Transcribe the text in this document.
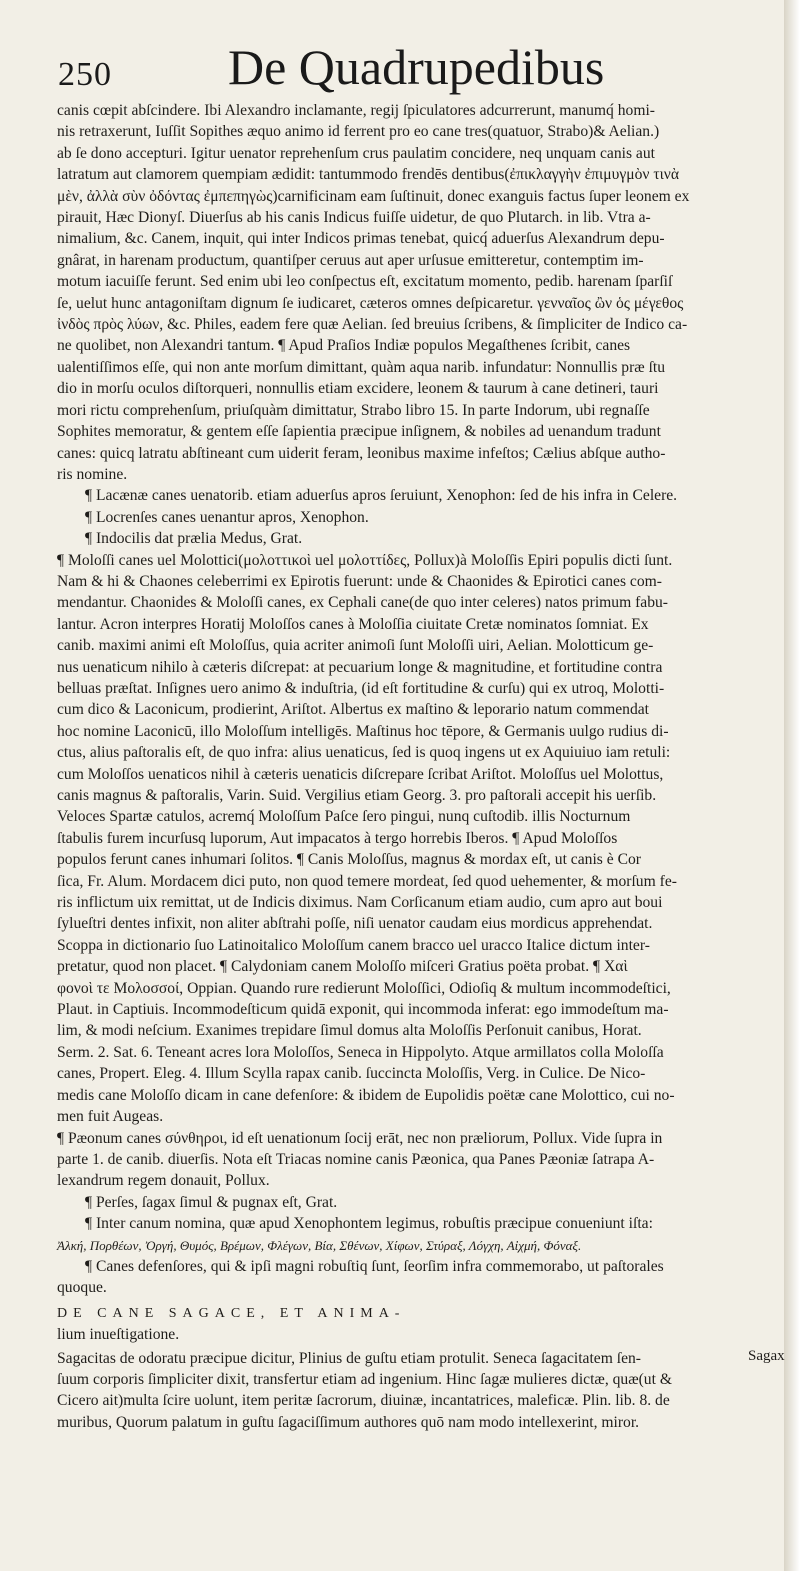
250 De Quadrupedibus

canis cœpit abſcindere. Ibi Alexandro inclamante, regij ſpiculatores adcurrerunt, manumq́ homi-

nis retraxerunt, Iuſſit Sopithes æquo animo id ferrent pro eo cane tres(quatuor, Strabo)& Aelian.)

ab ſe dono accepturi. Igitur uenator reprehenſum crus paulatim concidere, neq unquam canis aut

latratum aut clamorem quempiam ædidit: tantummodo frendēs dentibus(ἐπικλαγγὴν ἐπιμυγμὸν τινὰ

μὲν, ἀλλὰ σὺν ὀδόντας ἐμπεπηγὼς)carnificinam eam ſuſtinuit, donec exanguis factus ſuper leonem ex

pirauit, Hæc Dionyſ. Diuerſus ab his canis Indicus fuiſſe uidetur, de quo Plutarch. in lib. Vtra a-

nimalium, &c. Canem, inquit, qui inter Indicos primas tenebat, quicq́ aduerſus Alexandrum depu-

gnârat, in harenam productum, quantiſper ceruus aut aper urſusue emitteretur, contemptim im-

motum iacuiſſe ferunt. Sed enim ubi leo conſpectus eſt, excitatum momento, pedib. harenam ſparſiſ

ſe, uelut hunc antagoniſtam dignum ſe iudicaret, cæteros omnes deſpicaretur. γενναῖος ὢν ὁς μέγεθος

ἰνδὸς πρὸς λύων, &c. Philes, eadem fere quæ Aelian. ſed breuius ſcribens, & ſimpliciter de Indico ca-

ne quolibet, non Alexandri tantum. ¶ Apud Praſios Indiæ populos Megaſthenes ſcribit, canes

ualentiſſimos eſſe, qui non ante morſum dimittant, quàm aqua narib. infundatur: Nonnullis præ ſtu

dio in morſu oculos diſtorqueri, nonnullis etiam excidere, leonem & taurum à cane detineri, tauri

mori rictu comprehenſum, priuſquàm dimittatur, Strabo libro 15. In parte Indorum, ubi regnaſſe

Sophites memoratur, & gentem eſſe ſapientia præcipue inſignem, & nobiles ad uenandum tradunt

canes: quicq latratu abſtineant cum uiderit feram, leonibus maxime infeſtos; Cælius abſque autho-

ris nomine.

¶ Lacænæ canes uenatorib. etiam aduerſus apros ſeruiunt, Xenophon: ſed de his infra in Celere.

¶ Locrenſes canes uenantur apros, Xenophon.

¶ Indocilis dat prælia Medus, Grat.

¶ Moloſſi canes uel Molottici(μολοττικοὶ uel μολοττίδες, Pollux)à Moloſſis Epiri populis dicti ſunt.

Nam & hi & Chaones celeberrimi ex Epirotis fuerunt: unde & Chaonides & Epirotici canes com-

mendantur. Chaonides & Moloſſi canes, ex Cephali cane(de quo inter celeres) natos primum fabu-

lantur. Acron interpres Horatij Moloſſos canes à Moloſſia ciuitate Cretæ nominatos ſomniat. Ex

canib. maximi animi eſt Moloſſus, quia acriter animoſi ſunt Moloſſi uiri, Aelian. Molotticum ge-

nus uenaticum nihilo à cæteris diſcrepat: at pecuarium longe & magnitudine, et fortitudine contra

belluas præſtat. Inſignes uero animo & induſtria, (id eſt fortitudine & curſu) qui ex utroq, Molotti-

cum dico & Laconicum, prodierint, Ariſtot. Albertus ex maſtino & leporario natum commendat

hoc nomine Laconicū, illo Moloſſum intelligēs. Maſtinus hoc tēpore, & Germanis uulgo rudius di-

ctus, alius paſtoralis eſt, de quo infra: alius uenaticus, ſed is quoq ingens ut ex Aquiuiuo iam retuli:

cum Moloſſos uenaticos nihil à cæteris uenaticis diſcrepare ſcribat Ariſtot. Moloſſus uel Molottus,

canis magnus & paſtoralis, Varin. Suid. Vergilius etiam Georg. 3. pro paſtorali accepit his uerſib.

Veloces Spartæ catulos, acremq́ Moloſſum Paſce ſero pingui, nunq cuſtodib. illis Nocturnum

ſtabulis furem incurſusq luporum, Aut impacatos à tergo horrebis Iberos. ¶ Apud Moloſſos

populos ferunt canes inhumari ſolitos. ¶ Canis Moloſſus, magnus & mordax eſt, ut canis è Cor

ſica, Fr. Alum. Mordacem dici puto, non quod temere mordeat, ſed quod uehementer, & morſum fe-

ris inflictum uix remittat, ut de Indicis diximus. Nam Corſicanum etiam audio, cum apro aut boui

ſylueſtri dentes infixit, non aliter abſtrahi poſſe, niſi uenator caudam eius mordicus apprehendat.

Scoppa in dictionario ſuo Latinoitalico Moloſſum canem bracco uel uracco Italice dictum inter-

pretatur, quod non placet. ¶ Calydoniam canem Moloſſo miſceri Gratius poëta probat. ¶ Χαὶ

φονοὶ τε Μολοσσοί, Oppian. Quando rure redierunt Moloſſici, Odioſiq & multum incommodeſtici,

Plaut. in Captiuis. Incommodeſticum quidā exponit, qui incommoda inferat: ego immodeſtum ma-

lim, & modi neſcium. Exanimes trepidare ſimul domus alta Moloſſis Perſonuit canibus, Horat.

Serm. 2. Sat. 6. Teneant acres lora Moloſſos, Seneca in Hippolyto. Atque armillatos colla Moloſſa

canes, Propert. Eleg. 4. Illum Scylla rapax canib. ſuccincta Moloſſis, Verg. in Culice. De Nico-

medis cane Moloſſo dicam in cane defenſore: & ibidem de Eupolidis poëtæ cane Molottico, cui no-

men fuit Augeas.

¶ Pæonum canes σύνθηροι, id eſt uenationum ſocij erāt, nec non præliorum, Pollux. Vide ſupra in

parte 1. de canib. diuerſis. Nota eſt Triacas nomine canis Pæonica, qua Panes Pæoniæ ſatrapa A-

lexandrum regem donauit, Pollux.

¶ Perſes, ſagax ſimul & pugnax eſt, Grat.

¶ Inter canum nomina, quæ apud Xenophontem legimus, robuſtis præcipue conueniunt iſta:

Ἀλκή, Πορθέων, Ὀργή, Θυμός, Βρέμων, Φλέγων, Βία, Σθένων, Χίφων, Στύραξ, Λόγχη, Αἰχμή, Φόναξ.

¶ Canes defenſores, qui & ipſi magni robuſtiq ſunt, ſeorſim infra commemorabo, ut paſtorales

quoque.

DE CANE SAGACE, ET ANIMA-

lium inueſtigatione.

Sagacitas de odoratu præcipue dicitur, Plinius de guſtu etiam protulit. Seneca ſagacitatem ſen-

ſuum corporis ſimpliciter dixit, transfertur etiam ad ingenium. Hinc ſagæ mulieres dictæ, quæ(ut &

Cicero ait)multa ſcire uolunt, item peritæ ſacrorum, diuinæ, incantatrices, maleficæ. Plin. lib. 8. de

muribus, Quorum palatum in guſtu ſagaciſſimum authores quō nam modo intellexerint, miror.

Sagax
